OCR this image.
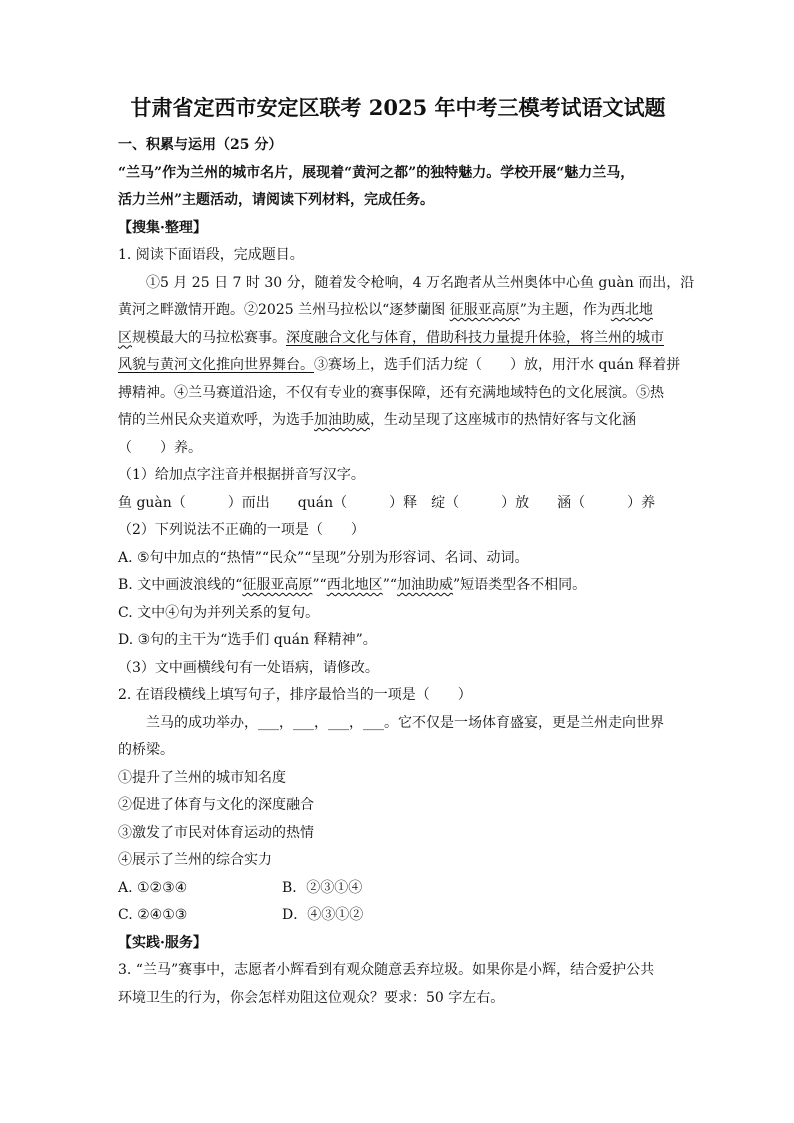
甘肃省定西市安定区联考 2025 年中考三模考试语文试题

一、积累与运用（25 分）

“兰马”作为兰州的城市名片，展现着“黄河之都”的独特魅力。学校开展“魅力兰马，

活力兰州”主题活动，请阅读下列材料，完成任务。

【搜集·整理】

1. 阅读下面语段，完成题目。

①5 月 25 日 7 时 30 分，随着发令枪响，4 万名跑者从兰州奥体中心鱼 guàn 而出，沿

黄河之畔激情开跑。②2025 兰州马拉松以“逐梦蘭图 征服亚高原”为主题，作为西北地

区规模最大的马拉松赛事。深度融合文化与体育，借助科技力量提升体验，将兰州的城市

风貌与黄河文化推向世界舞台。③赛场上，选手们活力绽（　　）放，用汗水 quán 释着拼

搏精神。④兰马赛道沿途，不仅有专业的赛事保障，还有充满地域特色的文化展演。⑤热

情的兰州民众夹道欢呼，为选手加油助威，生动呈现了这座城市的热情好客与文化涵

（　　）养。

（1）给加点字注音并根据拼音写汉字。

鱼 guàn（　　　）而出 quán（　　　）释 绽（　　　）放 涵（　　　）养

（2）下列说法不正确的一项是（　　）

A. ⑤句中加点的“热情”“民众”“呈现”分别为形容词、名词、动词。

B. 文中画波浪线的“征服亚高原”“西北地区”“加油助威”短语类型各不相同。

C. 文中④句为并列关系的复句。

D. ③句的主干为“选手们 quán 释精神”。

（3）文中画横线句有一处语病，请修改。

2. 在语段横线上填写句子，排序最恰当的一项是（　　）

兰马的成功举办，___，___，___，___。它不仅是一场体育盛宴，更是兰州走向世界

的桥梁。

①提升了兰州的城市知名度

②促进了体育与文化的深度融合

③激发了市民对体育运动的热情

④展示了兰州的综合实力

A. ①②③④	B．②③①④
C. ②④①③	D．④③①②

【实践·服务】

3. “兰马”赛事中，志愿者小辉看到有观众随意丢弃垃圾。如果你是小辉，结合爱护公共

环境卫生的行为，你会怎样劝阻这位观众？要求：50 字左右。
